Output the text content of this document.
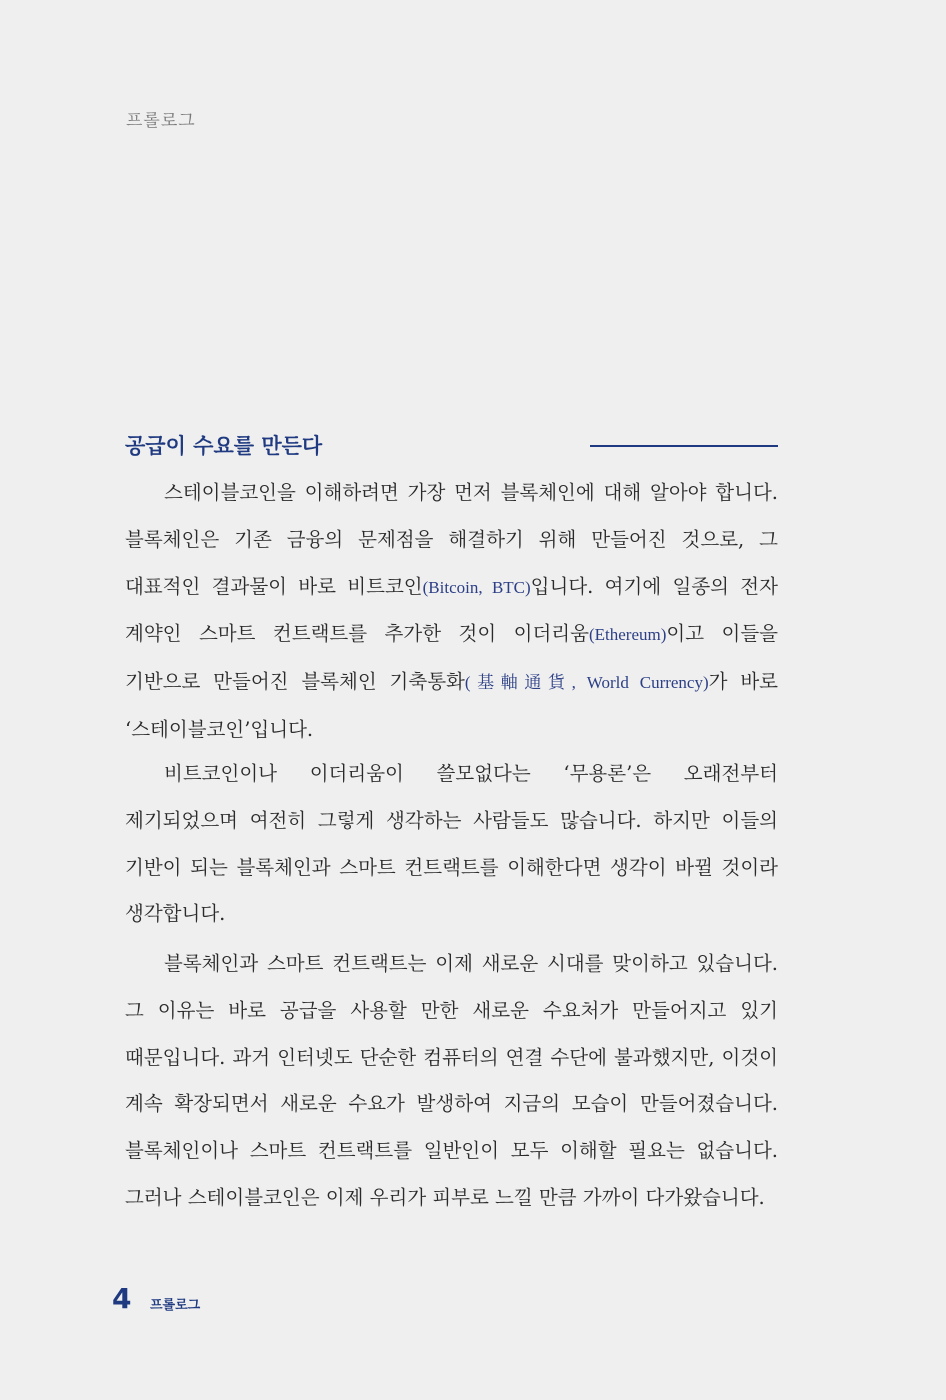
프롤로그
공급이 수요를 만든다

스테이블코인을 이해하려면 가장 먼저 블록체인에 대해 알아야 합니다. 블록체인은 기존 금융의 문제점을 해결하기 위해 만들어진 것으로, 그 대표적인 결과물이 바로 비트코인(Bitcoin, BTC)입니다. 여기에 일종의 전자 계약인 스마트 컨트랙트를 추가한 것이 이더리움(Ethereum)이고 이들을 기반으로 만들어진 블록체인 기축통화(基軸通貨, World Currency)가 바로 ‘스테이블코인’입니다.

비트코인이나 이더리움이 쓸모없다는 ‘무용론’은 오래전부터 제기되었으며 여전히 그렇게 생각하는 사람들도 많습니다. 하지만 이들의 기반이 되는 블록체인과 스마트 컨트랙트를 이해한다면 생각이 바뀔 것이라 생각합니다.

블록체인과 스마트 컨트랙트는 이제 새로운 시대를 맞이하고 있습니다. 그 이유는 바로 공급을 사용할 만한 새로운 수요처가 만들어지고 있기 때문입니다. 과거 인터넷도 단순한 컴퓨터의 연결 수단에 불과했지만, 이것이 계속 확장되면서 새로운 수요가 발생하여 지금의 모습이 만들어졌습니다. 블록체인이나 스마트 컨트랙트를 일반인이 모두 이해할 필요는 없습니다. 그러나 스테이블코인은 이제 우리가 피부로 느낄 만큼 가까이 다가왔습니다.

4 프롤로그
